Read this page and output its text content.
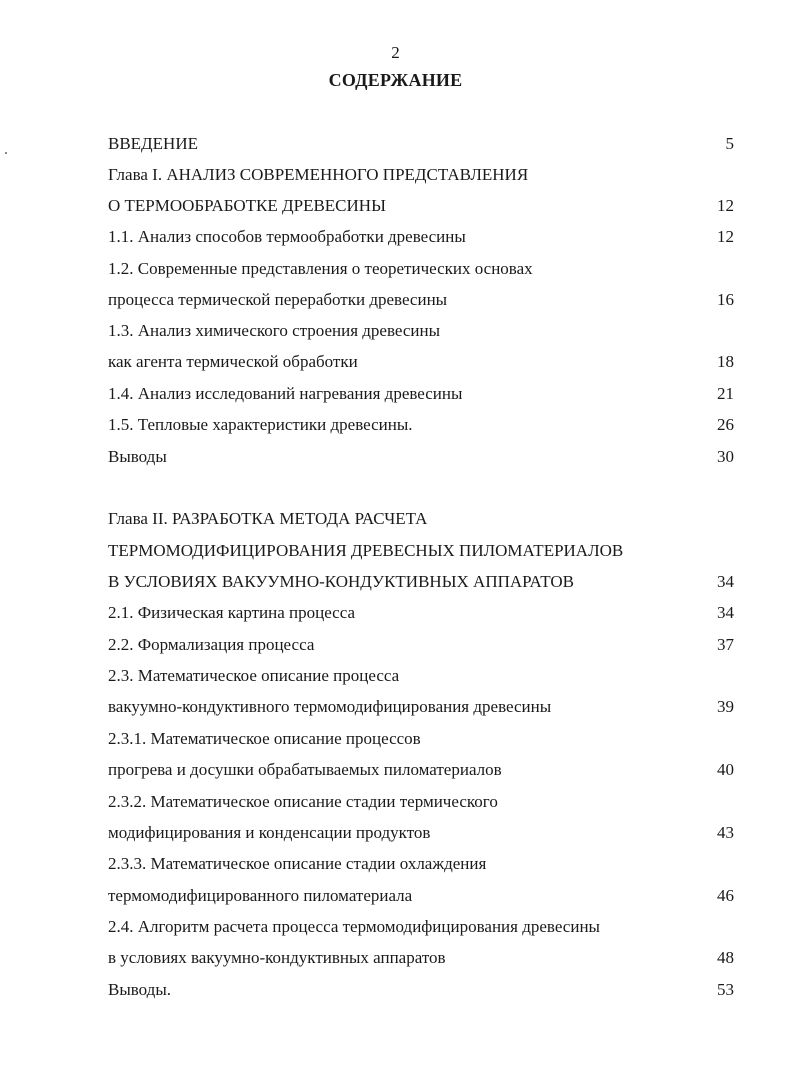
2
СОДЕРЖАНИЕ
ВВЕДЕНИЕ	5
Глава I. АНАЛИЗ СОВРЕМЕННОГО ПРЕДСТАВЛЕНИЯ
О ТЕРМООБРАБОТКЕ ДРЕВЕСИНЫ	12
1.1. Анализ способов термообработки древесины	12
1.2. Современные представления о теоретических основах
процесса термической переработки древесины	16
1.3. Анализ химического строения древесины
как агента термической обработки	18
1.4. Анализ исследований нагревания древесины	21
1.5. Тепловые характеристики древесины.	26
Выводы	30
Глава II. РАЗРАБОТКА МЕТОДА РАСЧЕТА
ТЕРМОМОДИФИЦИРОВАНИЯ ДРЕВЕСНЫХ ПИЛОМАТЕРИАЛОВ
В УСЛОВИЯХ ВАКУУМНО-КОНДУКТИВНЫХ АППАРАТОВ	34
2.1. Физическая картина процесса	34
2.2. Формализация процесса	37
2.3. Математическое описание процесса
вакуумно-кондуктивного термомодифицирования древесины	39
2.3.1. Математическое описание процессов
прогрева и досушки обрабатываемых пиломатериалов	40
2.3.2. Математическое описание стадии термического
модифицирования и конденсации продуктов	43
2.3.3. Математическое описание стадии охлаждения
термомодифицированного пиломатериала	46
2.4. Алгоритм расчета процесса термомодифицирования древесины
в условиях вакуумно-кондуктивных аппаратов	48
Выводы.	53
